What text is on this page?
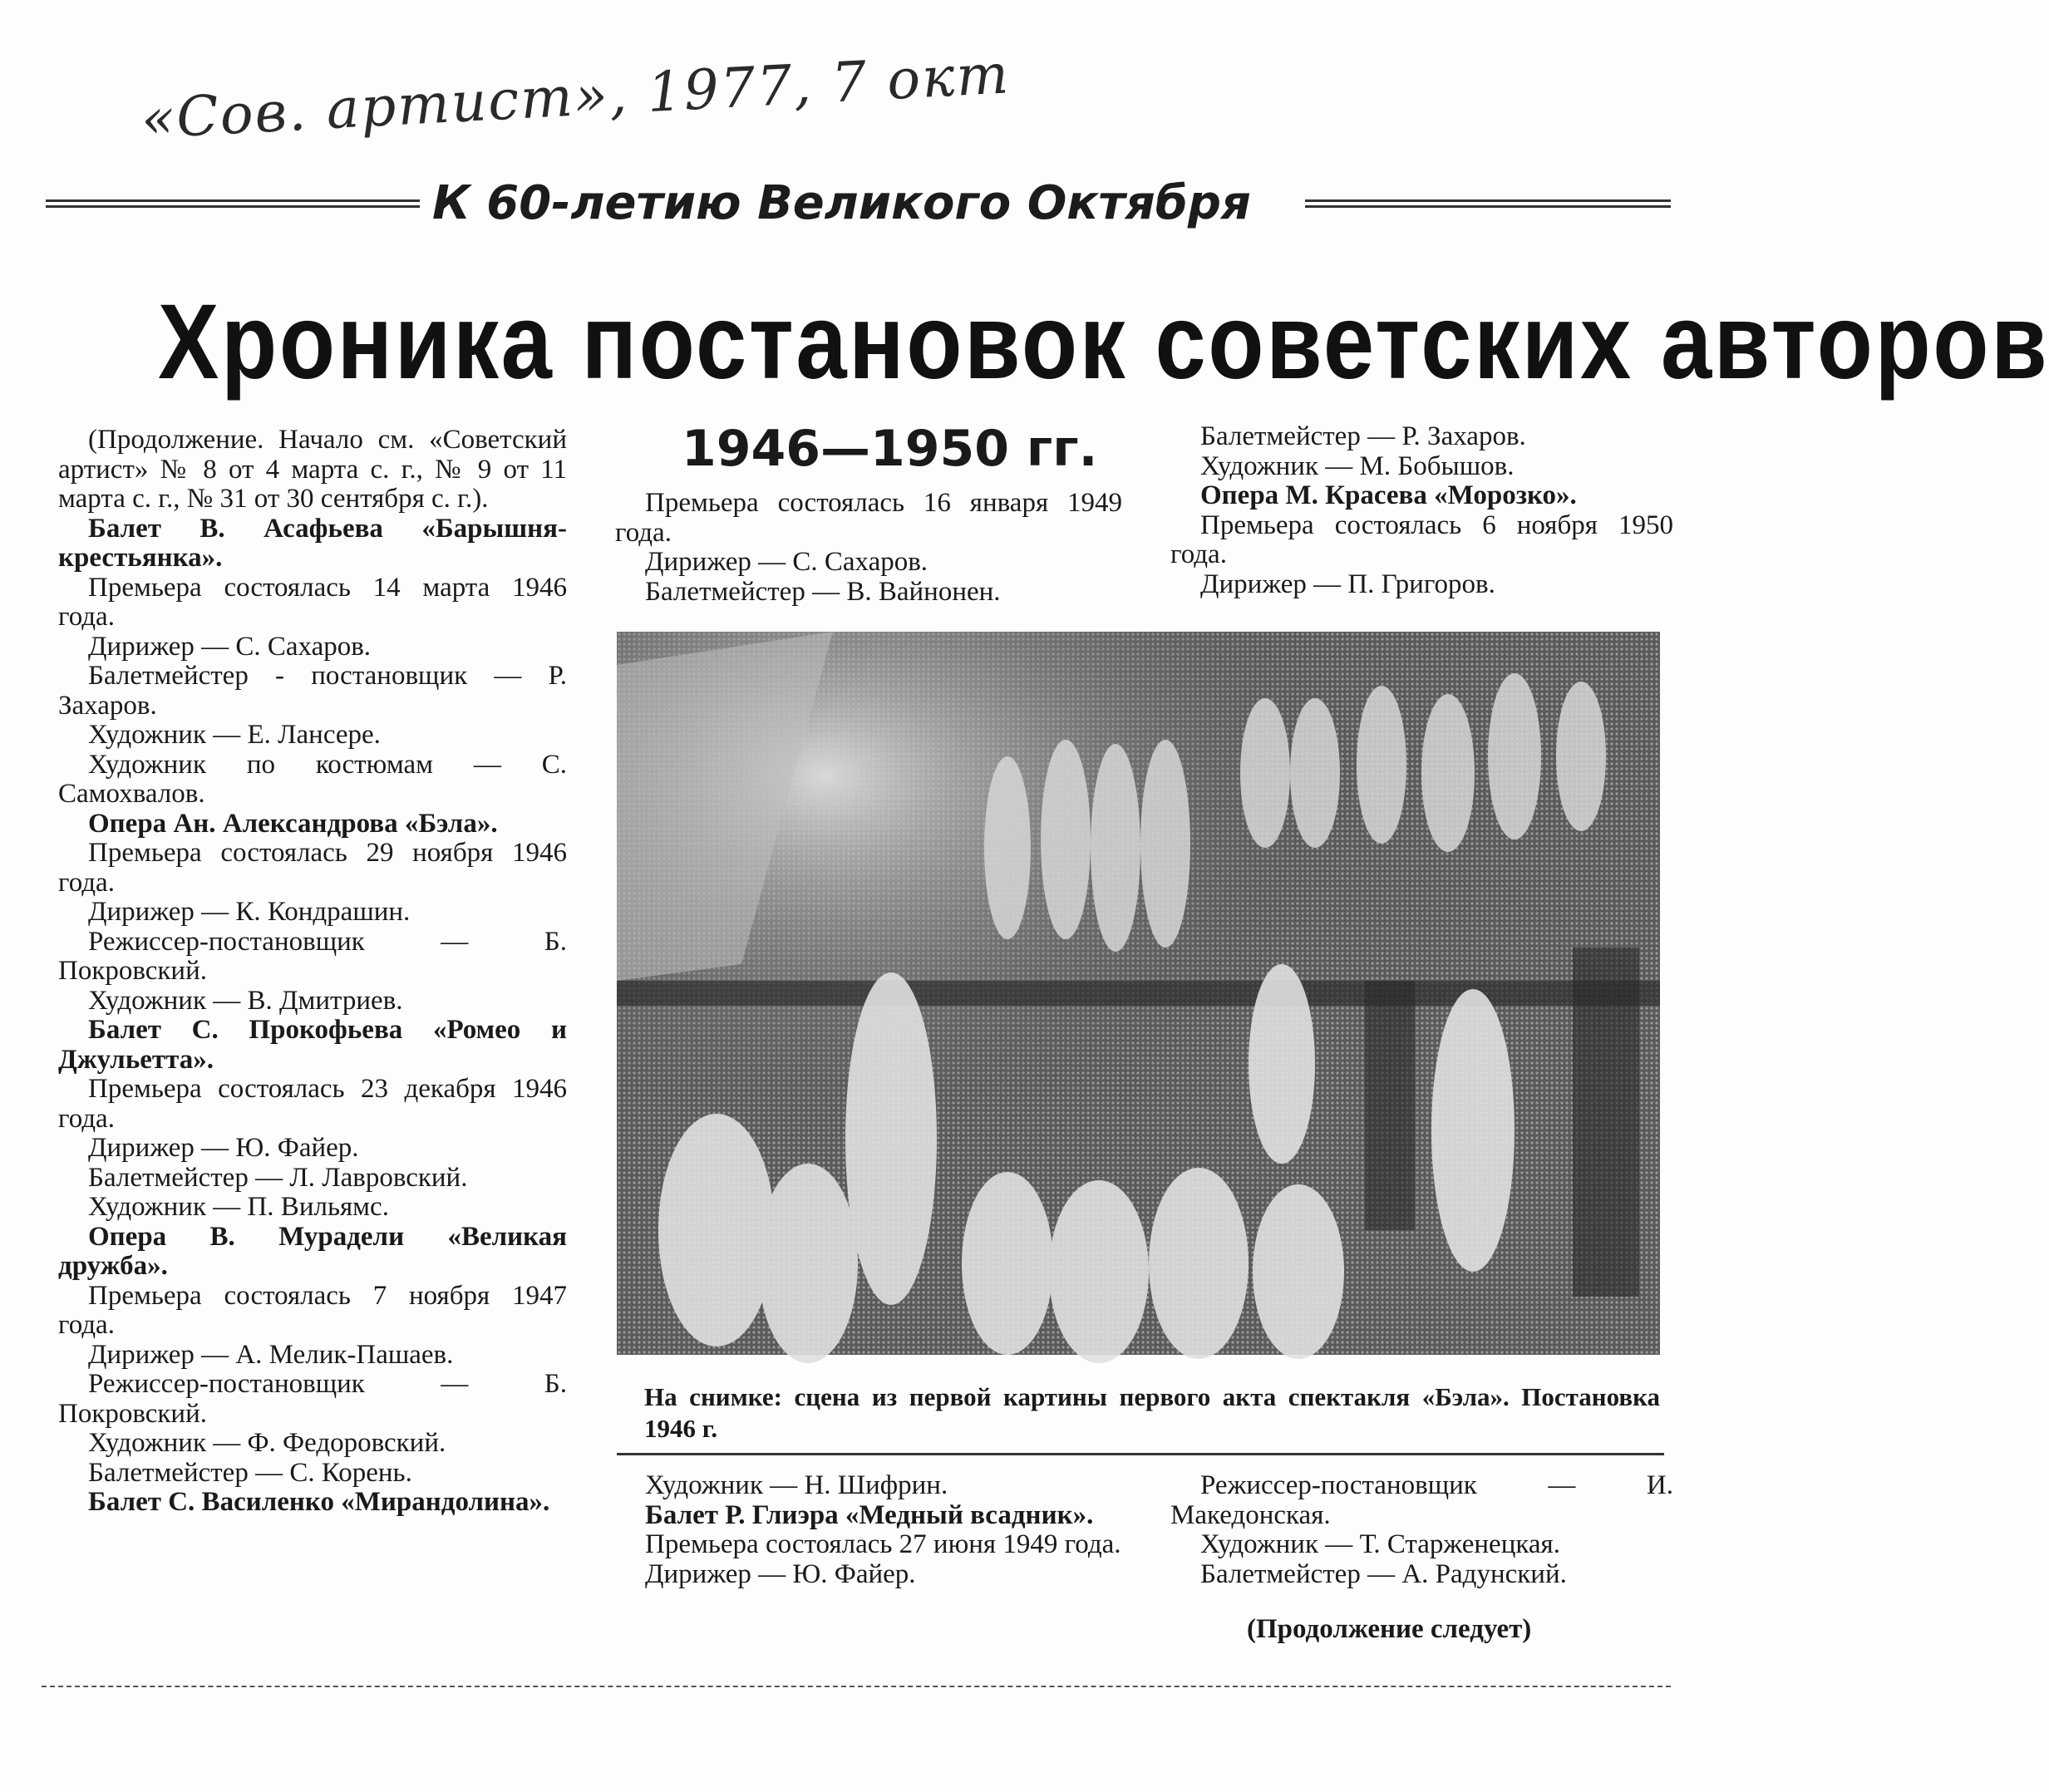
«Сов. артист», 1977, 7 окт
К 60-летию Великого Октября
Хроника постановок советских авторов
1946—1950 гг.

(Продолжение. Начало см. «Советский артист» № 8 от 4 марта с. г., № 9 от 11 марта с. г., № 31 от 30 сентября с. г.).

Балет В. Асафьева «Барышня-крестьянка».

Премьера состоялась 14 марта 1946 года.

Дирижер — С. Сахаров.

Балетмейстер - постановщик — Р. Захаров.

Художник — Е. Лансере.

Художник по костюмам — С. Самохвалов.

Опера Ан. Александрова «Бэла».

Премьера состоялась 29 ноября 1946 года.

Дирижер — К. Кондрашин.

Режиссер-постановщик — Б. Покровский.

Художник — В. Дмитриев.

Балет С. Прокофьева «Ромео и Джульетта».

Премьера состоялась 23 декабря 1946 года.

Дирижер — Ю. Файер.

Балетмейстер — Л. Лавровский.

Художник — П. Вильямс.

Опера В. Мурадели «Великая дружба».

Премьера состоялась 7 ноября 1947 года.

Дирижер — А. Мелик-Пашаев.

Режиссер-постановщик — Б. Покровский.

Художник — Ф. Федоровский.

Балетмейстер — С. Корень.

Балет С. Василенко «Мирандолина».

Премьера состоялась 16 января 1949 года.

Дирижер — С. Сахаров.

Балетмейстер — В. Вайнонен.

Балетмейстер — Р. Захаров.

Художник — М. Бобышов.

Опера М. Красева «Морозко».

Премьера состоялась 6 ноября 1950 года.

Дирижер — П. Григоров.

На снимке: сцена из первой картины первого акта спектакля «Бэла». Постановка 1946 г.

Художник — Н. Шифрин.

Балет Р. Глиэра «Медный всадник».

Премьера состоялась 27 июня 1949 года.

Дирижер — Ю. Файер.

Режиссер-постановщик — И. Македонская.

Художник — Т. Старженецкая.

Балетмейстер — А. Радунский.

(Продолжение следует)
